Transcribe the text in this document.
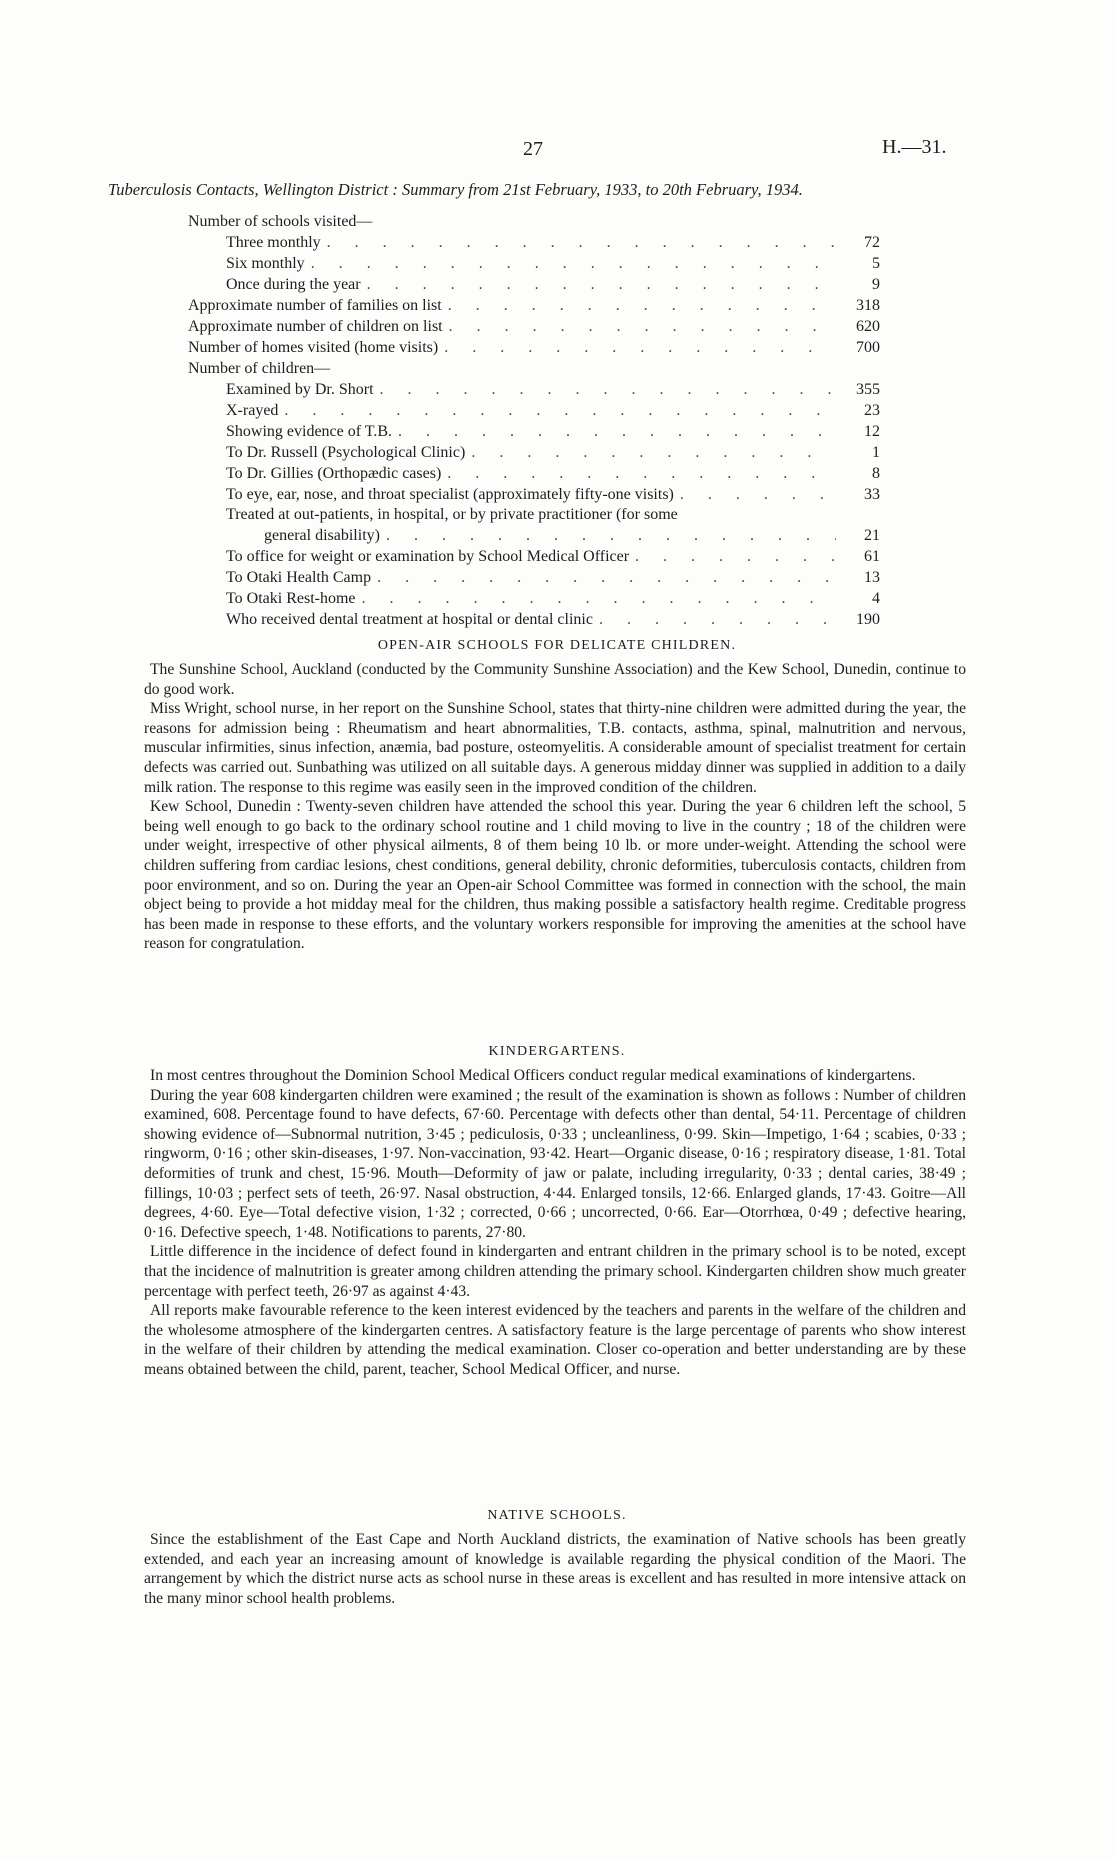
27	H.—31.
Tuberculosis Contacts, Wellington District : Summary from 21st February, 1933, to 20th February, 1934.
Number of schools visited—
Three monthly . . .	72
Six monthly . . .	5
Once during the year . . .	9
Approximate number of families on list . . .	318
Approximate number of children on list . . .	620
Number of homes visited (home visits) . . .	700
Number of children—
Examined by Dr. Short . . .	355
X-rayed . . .	23
Showing evidence of T.B. . . .	12
To Dr. Russell (Psychological Clinic) . . .	1
To Dr. Gillies (Orthopædic cases) . . .	8
To eye, ear, nose, and throat specialist (approximately fifty-one visits) . . .	33
Treated at out-patients, in hospital, or by private practitioner (for some
general disability) . . .	21
To office for weight or examination by School Medical Officer . . .	61
To Otaki Health Camp . . .	13
To Otaki Rest-home . . .	4
Who received dental treatment at hospital or dental clinic . . .	190
OPEN-AIR SCHOOLS FOR DELICATE CHILDREN.

The Sunshine School, Auckland (conducted by the Community Sunshine Association) and the Kew School, Dunedin, continue to do good work.

Miss Wright, school nurse, in her report on the Sunshine School, states that thirty-nine children were admitted during the year, the reasons for admission being : Rheumatism and heart abnormalities, T.B. contacts, asthma, spinal, malnutrition and nervous, muscular infirmities, sinus infection, anæmia, bad posture, osteomyelitis. A considerable amount of specialist treatment for certain defects was carried out. Sunbathing was utilized on all suitable days. A generous midday dinner was supplied in addition to a daily milk ration. The response to this regime was easily seen in the improved condition of the children.

Kew School, Dunedin : Twenty-seven children have attended the school this year. During the year 6 children left the school, 5 being well enough to go back to the ordinary school routine and 1 child moving to live in the country ; 18 of the children were under weight, irrespective of other physical ailments, 8 of them being 10 lb. or more under-weight. Attending the school were children suffering from cardiac lesions, chest conditions, general debility, chronic deformities, tuberculosis contacts, children from poor environment, and so on. During the year an Open-air School Committee was formed in connection with the school, the main object being to provide a hot midday meal for the children, thus making possible a satisfactory health regime. Creditable progress has been made in response to these efforts, and the voluntary workers responsible for improving the amenities at the school have reason for congratulation.

KINDERGARTENS.

In most centres throughout the Dominion School Medical Officers conduct regular medical examinations of kindergartens.

During the year 608 kindergarten children were examined ; the result of the examination is shown as follows : Number of children examined, 608. Percentage found to have defects, 67·60. Percentage with defects other than dental, 54·11. Percentage of children showing evidence of—Subnormal nutrition, 3·45 ; pediculosis, 0·33 ; uncleanliness, 0·99. Skin—Impetigo, 1·64 ; scabies, 0·33 ; ringworm, 0·16 ; other skin-diseases, 1·97. Non-vaccination, 93·42. Heart—Organic disease, 0·16 ; respiratory disease, 1·81. Total deformities of trunk and chest, 15·96. Mouth—Deformity of jaw or palate, including irregularity, 0·33 ; dental caries, 38·49 ; fillings, 10·03 ; perfect sets of teeth, 26·97. Nasal obstruction, 4·44. Enlarged tonsils, 12·66. Enlarged glands, 17·43. Goitre—All degrees, 4·60. Eye—Total defective vision, 1·32 ; corrected, 0·66 ; uncorrected, 0·66. Ear—Otorrhœa, 0·49 ; defective hearing, 0·16. Defective speech, 1·48. Notifications to parents, 27·80.

Little difference in the incidence of defect found in kindergarten and entrant children in the primary school is to be noted, except that the incidence of malnutrition is greater among children attending the primary school. Kindergarten children show much greater percentage with perfect teeth, 26·97 as against 4·43.

All reports make favourable reference to the keen interest evidenced by the teachers and parents in the welfare of the children and the wholesome atmosphere of the kindergarten centres. A satisfactory feature is the large percentage of parents who show interest in the welfare of their children by attending the medical examination. Closer co-operation and better understanding are by these means obtained between the child, parent, teacher, School Medical Officer, and nurse.

NATIVE SCHOOLS.

Since the establishment of the East Cape and North Auckland districts, the examination of Native schools has been greatly extended, and each year an increasing amount of knowledge is available regarding the physical condition of the Maori. The arrangement by which the district nurse acts as school nurse in these areas is excellent and has resulted in more intensive attack on the many minor school health problems.
